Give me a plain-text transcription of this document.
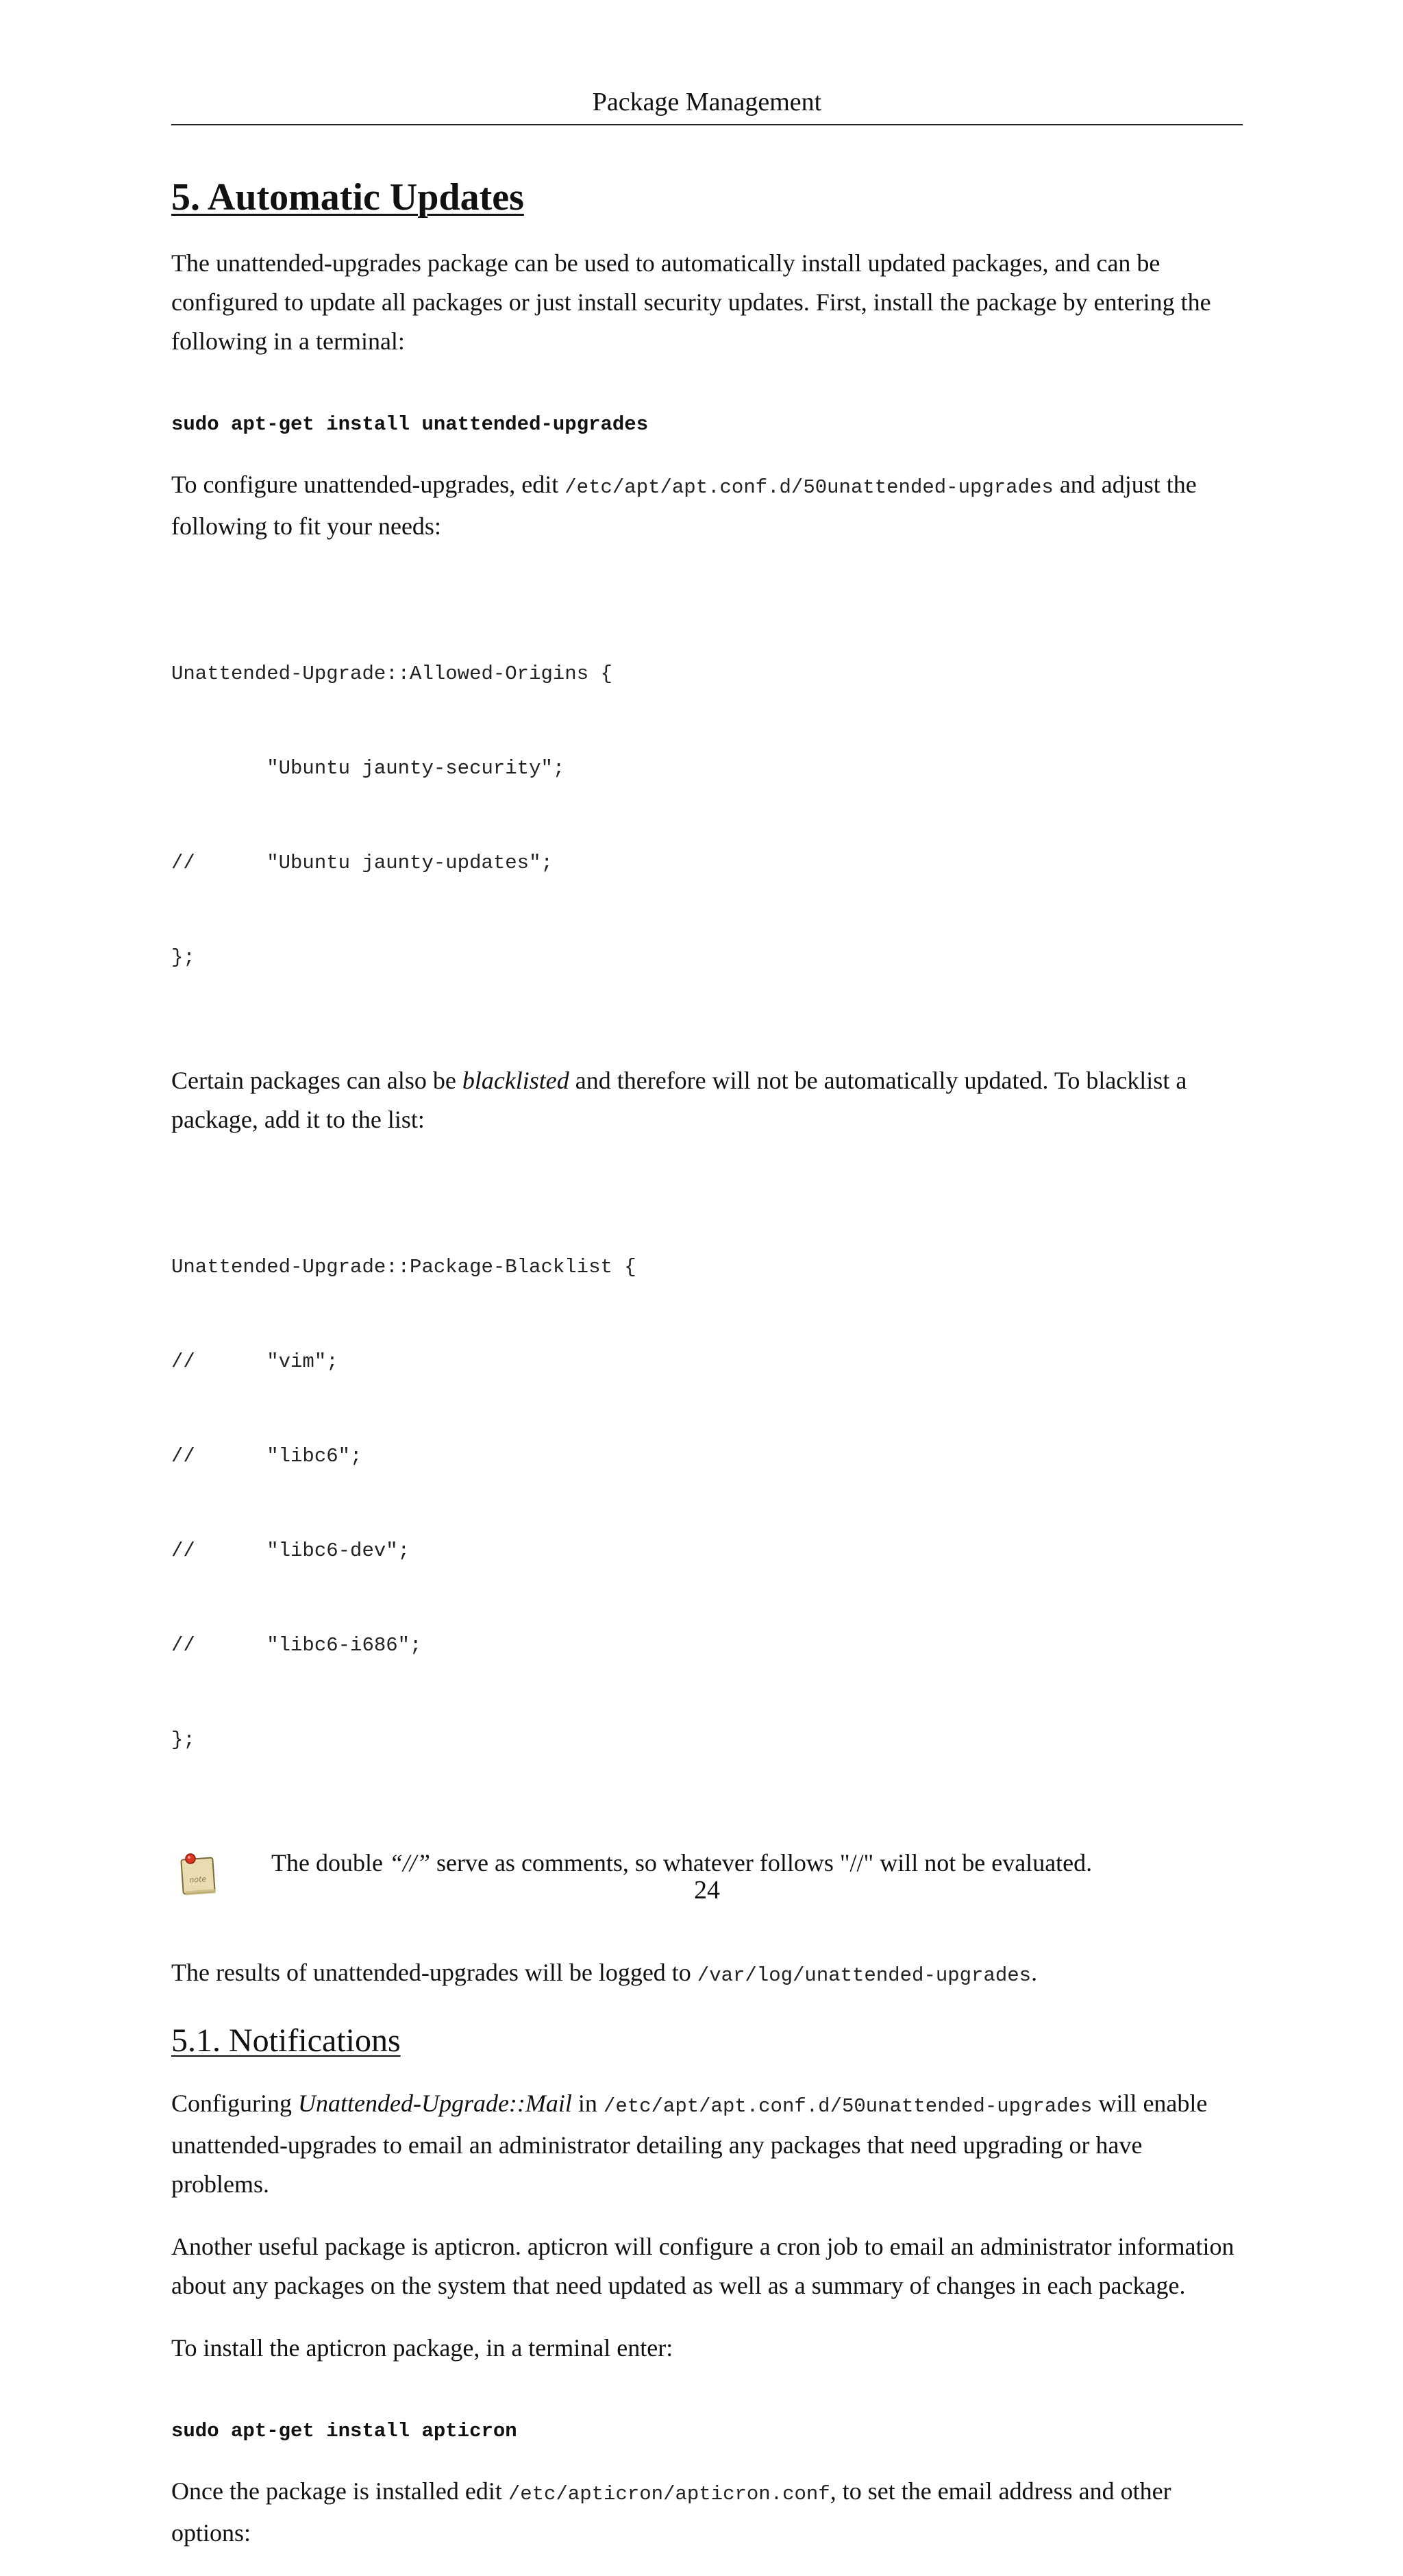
Package Management
5. Automatic Updates

The unattended-upgrades package can be used to automatically install updated packages, and can be configured to update all packages or just install security updates. First, install the package by entering the following in a terminal:

sudo apt-get install unattended-upgrades

To configure unattended-upgrades, edit /etc/apt/apt.conf.d/50unattended-upgrades and adjust the following to fit your needs:

Unattended-Upgrade::Allowed-Origins {

"Ubuntu jaunty-security";

//      "Ubuntu jaunty-updates";

};

Certain packages can also be blacklisted and therefore will not be automatically updated. To blacklist a package, add it to the list:

Unattended-Upgrade::Package-Blacklist {

//      "vim";

//      "libc6";

//      "libc6-dev";

//      "libc6-i686";

};

note

The double “//” serve as comments, so whatever follows "//" will not be evaluated.

The results of unattended-upgrades will be logged to /var/log/unattended-upgrades.

5.1. Notifications

Configuring Unattended-Upgrade::Mail in /etc/apt/apt.conf.d/50unattended-upgrades will enable unattended-upgrades to email an administrator detailing any packages that need upgrading or have problems.

Another useful package is apticron. apticron will configure a cron job to email an administrator information about any packages on the system that need updated as well as a summary of changes in each package.

To install the apticron package, in a terminal enter:

sudo apt-get install apticron

Once the package is installed edit /etc/apticron/apticron.conf, to set the email address and other options:

24
